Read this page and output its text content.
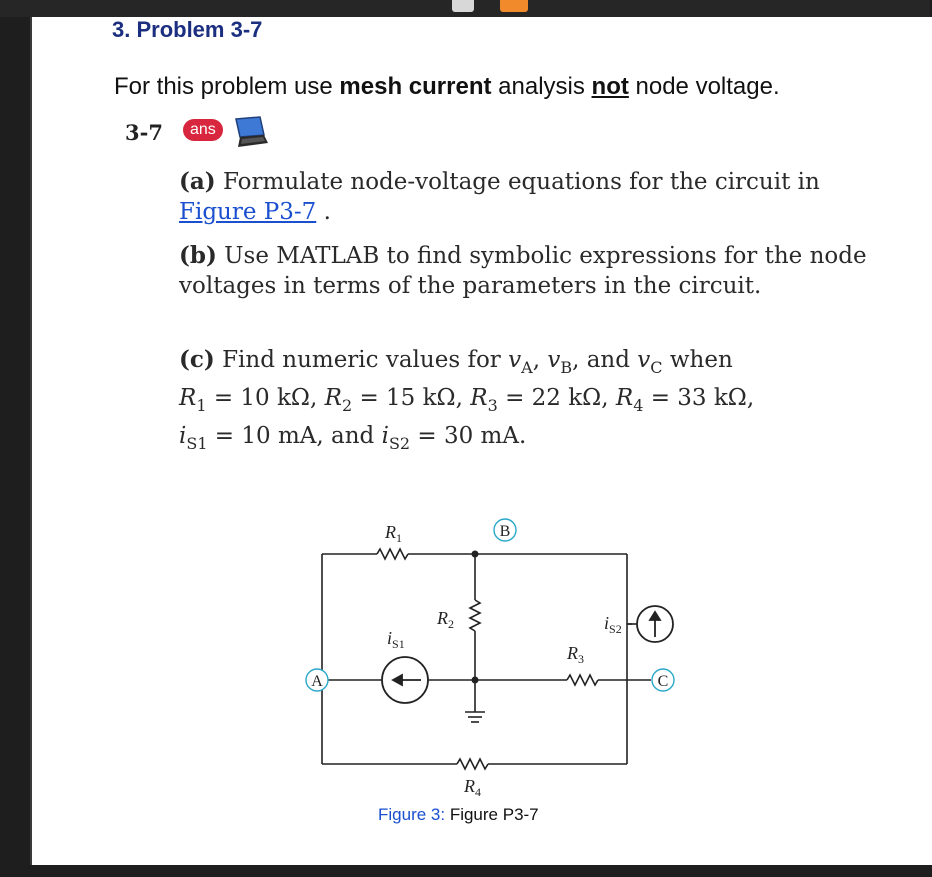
3. Problem 3-7
For this problem use mesh current analysis not node voltage.
3-7	ans
(a) Formulate node-voltage equations for the circuit in Figure P3-7 .
(b) Use MATLAB to find symbolic expressions for the node voltages in terms of the parameters in the circuit.
(c) Find numeric values for $v_A$, $v_B$, and $v_C$ when
$R_1 = 10$ kΩ, $R_2 = 15$ kΩ, $R_3 = 22$ kΩ, $R_4 = 33$ kΩ,
$i_{S1} = 10$ mA, and $i_{S2} = 30$ mA.
A
B
C
$R_1$
$R_2$
$R_3$
$R_4$
$i_{S1}$
$i_{S2}$
Figure 3: Figure P3-7
